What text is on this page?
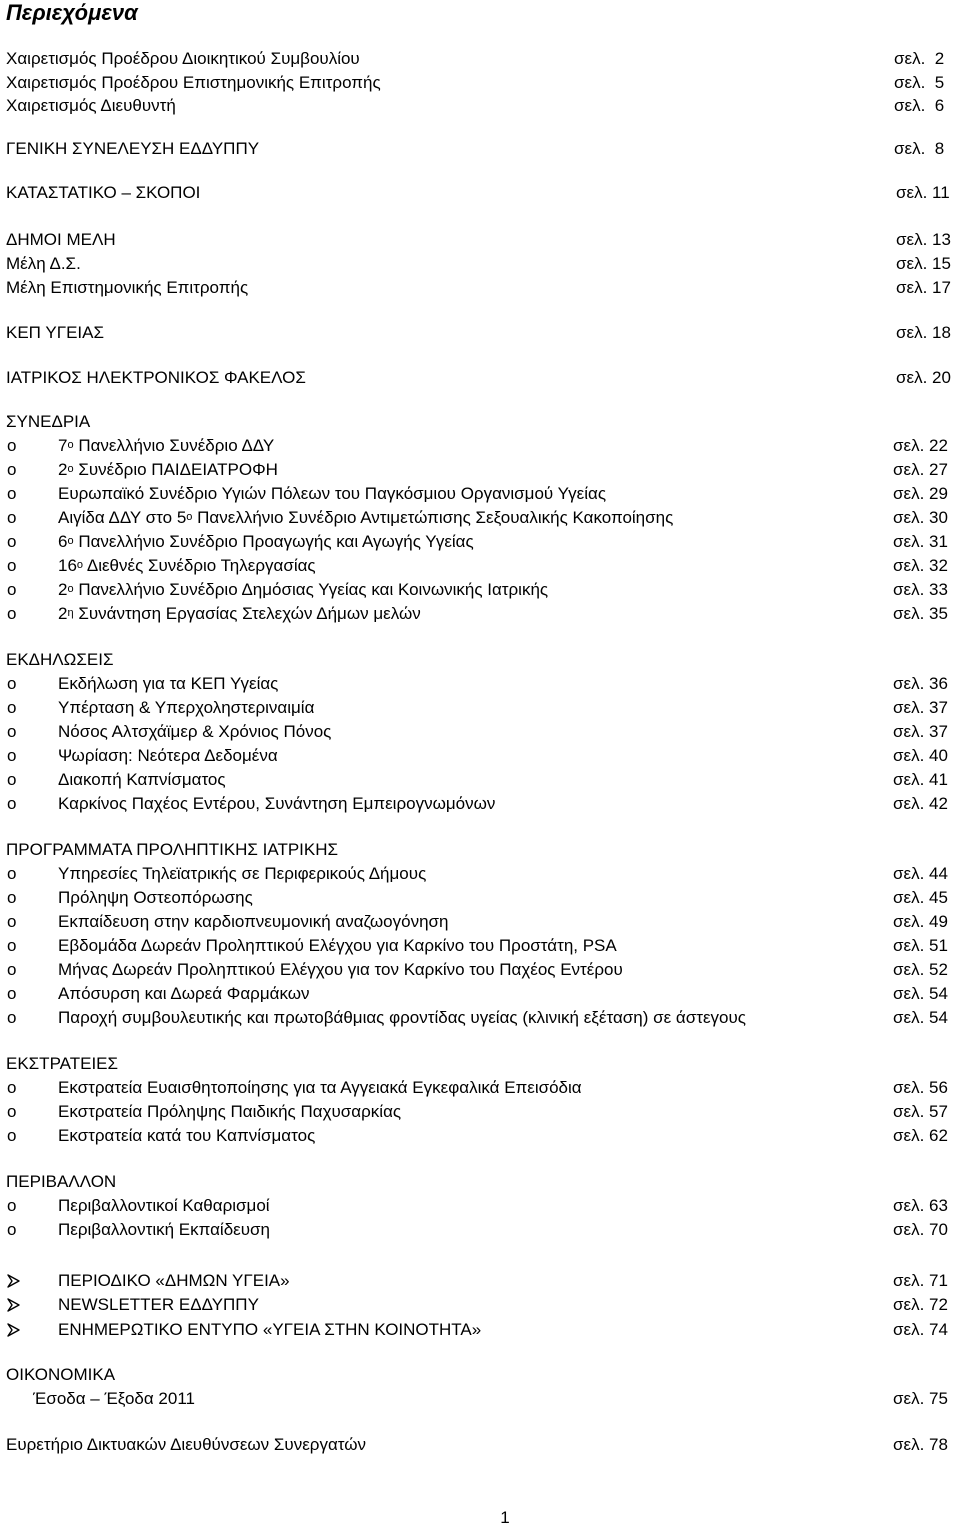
Περιεχόμενα
Χαιρετισμός Προέδρου Διοικητικού Συμβουλίου	σελ.  2
Χαιρετισμός Προέδρου Επιστημονικής Επιτροπής	σελ.  5
Χαιρετισμός Διευθυντή	σελ.  6
ΓΕΝΙΚΗ ΣΥΝΕΛΕΥΣΗ ΕΔΔΥΠΠΥ	σελ.  8
ΚΑΤΑΣΤΑΤΙΚΟ – ΣΚΟΠΟΙ	σελ. 11
ΔΗΜΟΙ ΜΕΛΗ	σελ. 13
Μέλη Δ.Σ.	σελ. 15
Μέλη Επιστημονικής Επιτροπής	σελ. 17
ΚΕΠ ΥΓΕΙΑΣ	σελ. 18
ΙΑΤΡΙΚΟΣ ΗΛΕΚΤΡΟΝΙΚΟΣ ΦΑΚΕΛΟΣ	σελ. 20
ΣΥΝΕΔΡΙΑ
o $7^o$ Πανελλήνιο Συνέδριο ΔΔΥ	σελ. 22
o $2^o$ Συνέδριο ΠΑΙΔΕΙΑΤΡΟΦΗ	σελ. 27
o Ευρωπαϊκό Συνέδριο Υγιών Πόλεων του Παγκόσμιου Οργανισμού Υγείας	σελ. 29
o Αιγίδα ΔΔΥ στο $5^o$ Πανελλήνιο Συνέδριο Αντιμετώπισης Σεξουαλικής Κακοποίησης	σελ. 30
o $6^o$ Πανελλήνιο Συνέδριο Προαγωγής και Αγωγής Υγείας	σελ. 31
o $16^o$ Διεθνές Συνέδριο Τηλεργασίας	σελ. 32
o $2^o$ Πανελλήνιο Συνέδριο Δημόσιας Υγείας και Κοινωνικής Ιατρικής	σελ. 33
o $2^\eta$ Συνάντηση Εργασίας Στελεχών Δήμων μελών	σελ. 35
ΕΚΔΗΛΩΣΕΙΣ
o Εκδήλωση για τα ΚΕΠ Υγείας	σελ. 36
o Υπέρταση & Υπερχοληστεριναιμία	σελ. 37
o Νόσος Αλτσχάϊμερ & Χρόνιος Πόνος	σελ. 37
o Ψωρίαση: Νεότερα Δεδομένα	σελ. 40
o Διακοπή Καπνίσματος	σελ. 41
o Καρκίνος Παχέος Εντέρου, Συνάντηση Εμπειρογνωμόνων	σελ. 42
ΠΡΟΓΡΑΜΜΑΤΑ ΠΡΟΛΗΠΤΙΚΗΣ ΙΑΤΡΙΚΗΣ
o Υπηρεσίες Τηλεϊατρικής σε Περιφερικούς Δήμους	σελ. 44
o Πρόληψη Οστεοπόρωσης	σελ. 45
o Εκπαίδευση στην καρδιοπνευμονική αναζωογόνηση	σελ. 49
o Εβδομάδα Δωρεάν Προληπτικού Ελέγχου για Καρκίνο του Προστάτη, PSA	σελ. 51
o Μήνας Δωρεάν Προληπτικού Ελέγχου για τον Καρκίνο του Παχέος Εντέρου	σελ. 52
o Απόσυρση και Δωρεά Φαρμάκων	σελ. 54
o Παροχή συμβουλευτικής και πρωτοβάθμιας φροντίδας υγείας (κλινική εξέταση) σε άστεγους	σελ. 54
ΕΚΣΤΡΑΤΕΙΕΣ
o Εκστρατεία Ευαισθητοποίησης για τα Αγγειακά Εγκεφαλικά Επεισόδια	σελ. 56
o Εκστρατεία Πρόληψης Παιδικής Παχυσαρκίας	σελ. 57
o Εκστρατεία κατά του Καπνίσματος	σελ. 62
ΠΕΡΙΒΑΛΛΟΝ
o Περιβαλλοντικοί Καθαρισμοί	σελ. 63
o Περιβαλλοντική Εκπαίδευση	σελ. 70
ΠΕΡΙΟΔΙΚΟ «ΔΗΜΩΝ ΥΓΕΙΑ»	σελ. 71
NEWSLETTER ΕΔΔΥΠΠΥ	σελ. 72
ΕΝΗΜΕΡΩΤΙΚΟ ΕΝΤΥΠΟ «ΥΓΕΙΑ ΣΤΗΝ ΚΟΙΝΟΤΗΤΑ»	σελ. 74
ΟΙΚΟΝΟΜΙΚΑ
Έσοδα – Έξοδα 2011	σελ. 75
Ευρετήριο Δικτυακών Διευθύνσεων Συνεργατών	σελ. 78
1
